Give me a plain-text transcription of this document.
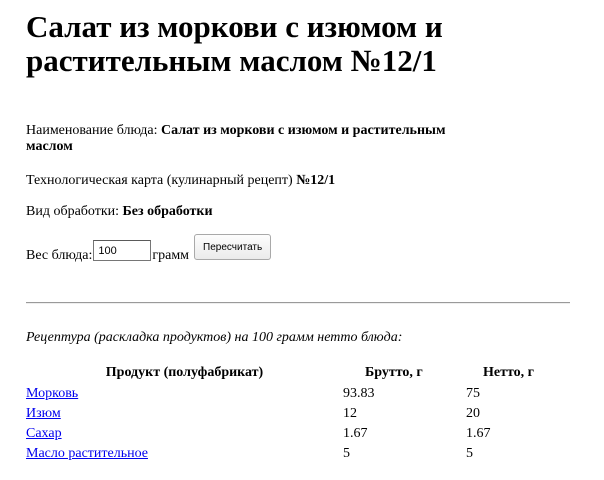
Салат из моркови с изюмом и растительным маслом №12/1
Наименование блюда: Салат из моркови с изюмом и растительным маслом
Технологическая карта (кулинарный рецепт) №12/1
Вид обработки: Без обработки
Вес блюда:
100	грамм
Пересчитать
Рецептура (раскладка продуктов) на 100 грамм нетто блюда:
Продукт (полуфабрикат)	Брутто, г	Нетто, г
Морковь	93.83	75
Изюм	12	20
Сахар	1.67	1.67
Масло растительное	5	5
